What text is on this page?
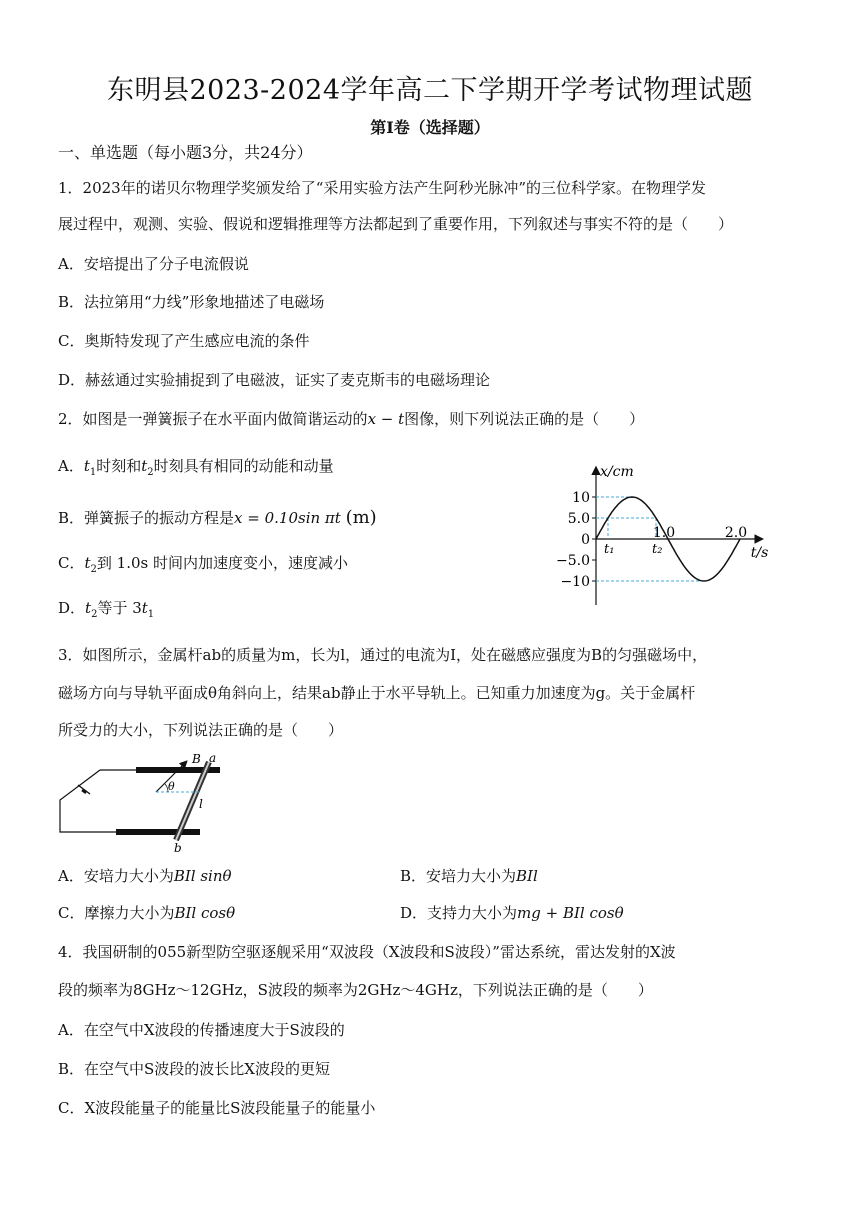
东明县2023-2024学年高二下学期开学考试物理试题
第Ⅰ卷（选择题）
一、单选题（每小题3分，共24分）
1．2023年的诺贝尔物理学奖颁发给了“采用实验方法产生阿秒光脉冲”的三位科学家。在物理学发
展过程中，观测、实验、假说和逻辑推理等方法都起到了重要作用，下列叙述与事实不符的是（　　）
A．安培提出了分子电流假说
B．法拉第用“力线”形象地描述了电磁场
C．奥斯特发现了产生感应电流的条件
D．赫兹通过实验捕捉到了电磁波，证实了麦克斯韦的电磁场理论
2．如图是一弹簧振子在水平面内做简谐运动的x − t图像，则下列说法正确的是（　　）
A．$t_1$时刻和$t_2$时刻具有相同的动能和动量
B．弹簧振子的振动方程是x = 0.10sin πt (m)
C．$t_2$到 1.0s 时间内加速度变小，速度减小
D．$t_2$等于 $3t_1$
x/cm
t/s
10
5.0
0
−5.0
−10
1.0	2.0
t₁	t₂
3．如图所示，金属杆ab的质量为m，长为l，通过的电流为I，处在磁感应强度为B的匀强磁场中，
磁场方向与导轨平面成θ角斜向上，结果ab静止于水平导轨上。已知重力加速度为g。关于金属杆
所受力的大小，下列说法正确的是（　　）
θ
B a
b
l
A．安培力大小为BIl sinθ	B．安培力大小为BIl
C．摩擦力大小为BIl cosθ	D．支持力大小为mg + BIl cosθ
4．我国研制的055新型防空驱逐舰采用“双波段（X波段和S波段）”雷达系统，雷达发射的X波
段的频率为8GHz～12GHz，S波段的频率为2GHz～4GHz，下列说法正确的是（　　）
A．在空气中X波段的传播速度大于S波段的
B．在空气中S波段的波长比X波段的更短
C．X波段能量子的能量比S波段能量子的能量小
